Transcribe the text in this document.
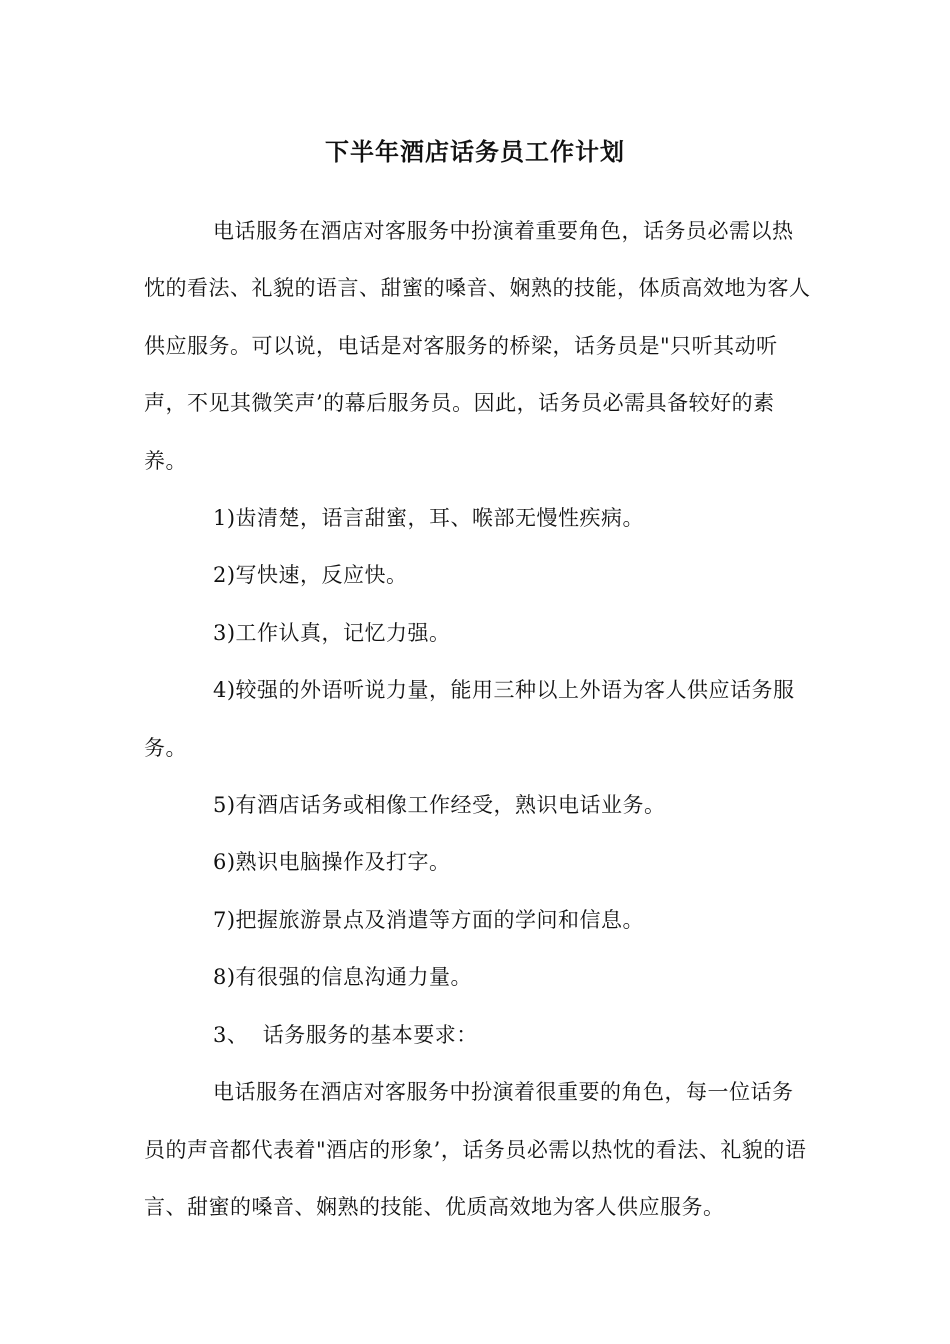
下半年酒店话务员工作计划

电话服务在酒店对客服务中扮演着重要角色，话务员必需以热忱的看法、礼貌的语言、甜蜜的嗓音、娴熟的技能，体质高效地为客人供应服务。可以说，电话是对客服务的桥梁，话务员是"只听其动听声，不见其微笑声’的幕后服务员。因此，话务员必需具备较好的素养。

1)齿清楚，语言甜蜜，耳、喉部无慢性疾病。

2)写快速，反应快。

3)工作认真，记忆力强。

4)较强的外语听说力量，能用三种以上外语为客人供应话务服务。

5)有酒店话务或相像工作经受，熟识电话业务。

6)熟识电脑操作及打字。

7)把握旅游景点及消遣等方面的学问和信息。

8)有很强的信息沟通力量。

3、  话务服务的基本要求：

电话服务在酒店对客服务中扮演着很重要的角色，每一位话务员的声音都代表着"酒店的形象’，话务员必需以热忱的看法、礼貌的语言、甜蜜的嗓音、娴熟的技能、优质高效地为客人供应服务。
